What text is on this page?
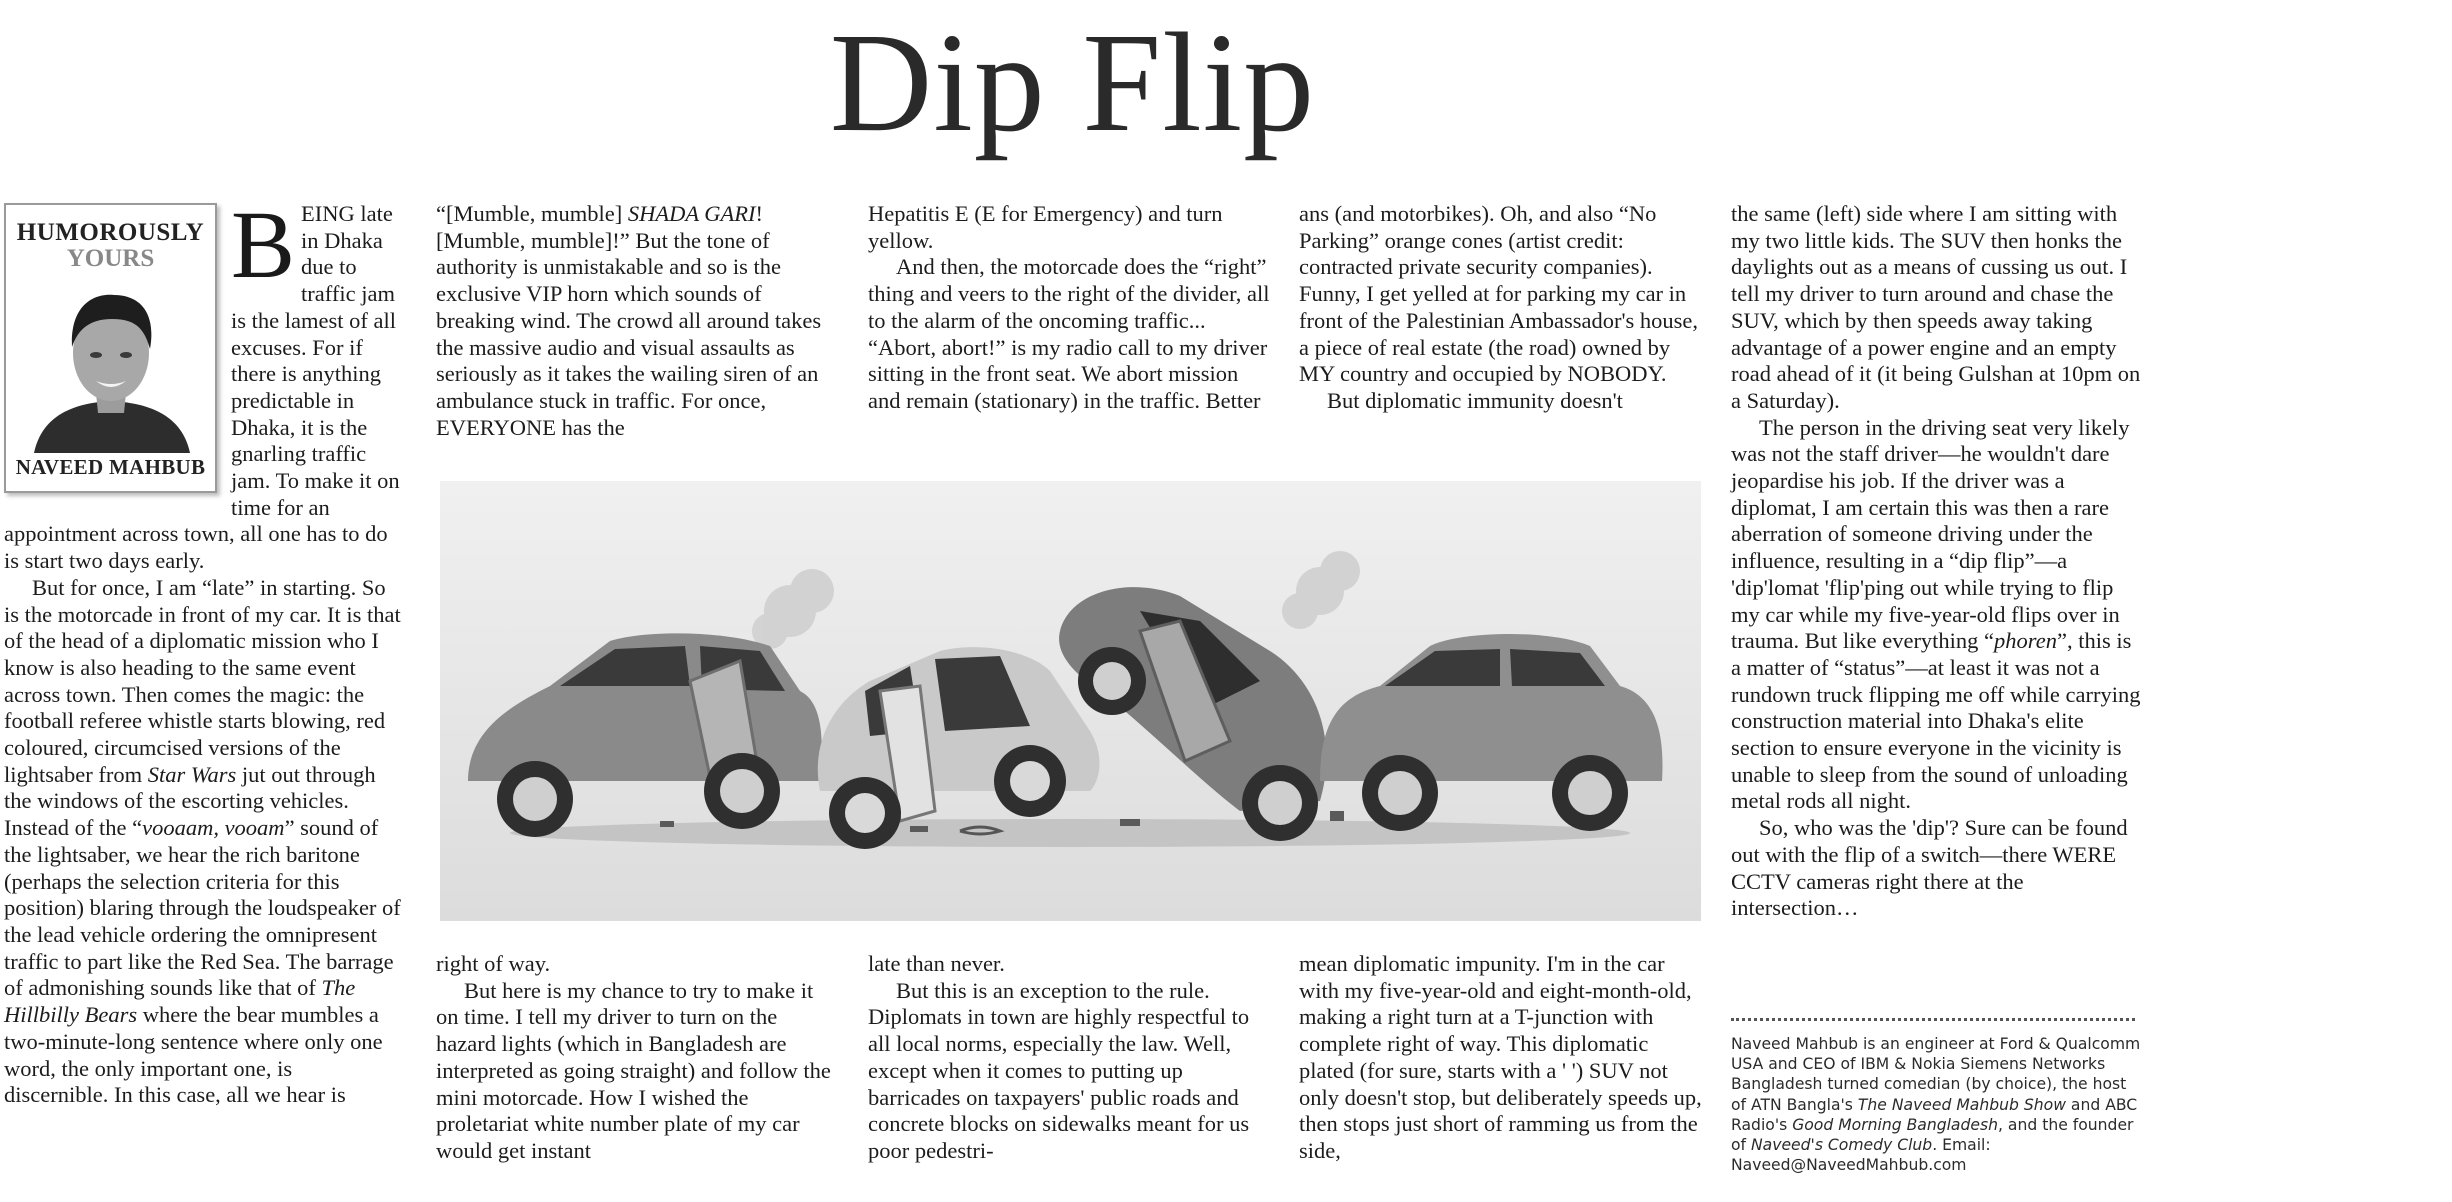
Dip Flip
HUMOROUSLY
YOURS
NAVEED MAHBUB
B EING late in Dhaka due to traffic jam is the lamest of all excuses. For if there is anything predictable in Dhaka, it is the gnarling traffic jam. To make it on time for an appointment across town, all one has to do is start two days early.

But for once, I am “late” in starting. So is the motorcade in front of my car. It is that of the head of a diplomatic mission who I know is also heading to the same event across town. Then comes the magic: the football referee whistle starts blowing, red coloured, circumcised versions of the lightsaber from Star Wars jut out through the windows of the escorting vehicles. Instead of the “vooaam, vooam” sound of the lightsaber, we hear the rich baritone (perhaps the selection criteria for this position) blaring through the loudspeaker of the lead vehicle ordering the omnipresent traffic to part like the Red Sea. The barrage of admonishing sounds like that of The Hillbilly Bears where the bear mumbles a two-minute-long sentence where only one word, the only important one, is discernible. In this case, all we hear is

“[Mumble, mumble] SHADA GARI! [Mumble, mumble]!” But the tone of authority is unmistakable and so is the exclusive VIP horn which sounds of breaking wind. The crowd all around takes the massive audio and visual assaults as seriously as it takes the wailing siren of an ambulance stuck in traffic. For once, EVERYONE has the

right of way.

But here is my chance to try to make it on time. I tell my driver to turn on the hazard lights (which in Bangladesh are interpreted as going straight) and follow the mini motorcade. How I wished the proletariat white number plate of my car would get instant

Hepatitis E (E for Emergency) and turn yellow.

And then, the motorcade does the “right” thing and veers to the right of the divider, all to the alarm of the oncoming traffic... “Abort, abort!” is my radio call to my driver sitting in the front seat. We abort mission and remain (stationary) in the traffic. Better

late than never.

But this is an exception to the rule. Diplomats in town are highly respectful to all local norms, especially the law. Well, except when it comes to putting up barricades on taxpayers' public roads and concrete blocks on sidewalks meant for us poor pedestri-

ans (and motorbikes). Oh, and also “No Parking” orange cones (artist credit: contracted private security companies). Funny, I get yelled at for parking my car in front of the Palestinian Ambassador's house, a piece of real estate (the road) owned by MY country and occupied by NOBODY.

But diplomatic immunity doesn't

mean diplomatic impunity. I'm in the car with my five-year-old and eight-month-old, making a right turn at a T-junction with complete right of way. This diplomatic plated (for sure, starts with a ' ') SUV not only doesn't stop, but deliberately speeds up, then stops just short of ramming us from the side,

the same (left) side where I am sitting with my two little kids. The SUV then honks the daylights out as a means of cussing us out. I tell my driver to turn around and chase the SUV, which by then speeds away taking advantage of a power engine and an empty road ahead of it (it being Gulshan at 10pm on a Saturday).

The person in the driving seat very likely was not the staff driver—he wouldn't dare jeopardise his job. If the driver was a diplomat, I am certain this was then a rare aberration of someone driving under the influence, resulting in a “dip flip”—a 'dip'lomat 'flip'ping out while trying to flip my car while my five-year-old flips over in trauma. But like everything “phoren”, this is a matter of “status”—at least it was not a rundown truck flipping me off while carrying construction material into Dhaka's elite section to ensure everyone in the vicinity is unable to sleep from the sound of unloading metal rods all night.

So, who was the 'dip'? Sure can be found out with the flip of a switch—there WERE CCTV cameras right there at the intersection…

Naveed Mahbub is an engineer at Ford & Qualcomm USA and CEO of IBM & Nokia Siemens Networks Bangladesh turned comedian (by choice), the host of ATN Bangla's The Naveed Mahbub Show and ABC Radio's Good Morning Bangladesh, and the founder of Naveed's Comedy Club. Email: Naveed@NaveedMahbub.com
